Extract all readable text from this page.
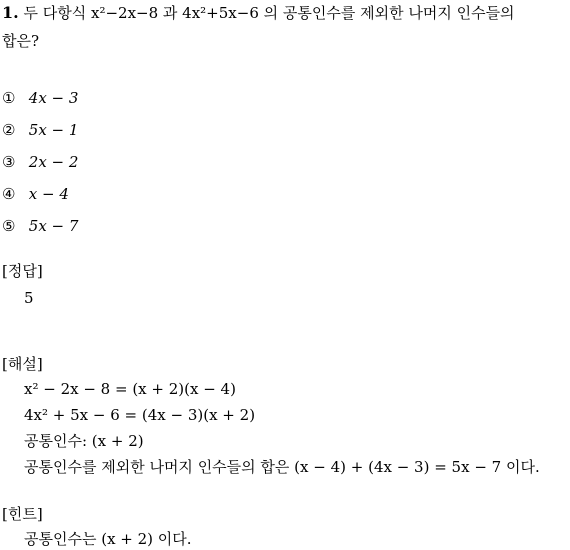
1. 두 다항식 x²−2x−8 과 4x²+5x−6 의 공통인수를 제외한 나머지 인수들의
합은?
① 4x − 3
② 5x − 1
③ 2x − 2
④ x − 4
⑤ 5x − 7
[정답]
5
[해설]
x² − 2x − 8 = (x + 2)(x − 4)
4x² + 5x − 6 = (4x − 3)(x + 2)
공통인수: (x + 2)
공통인수를 제외한 나머지 인수들의 합은 (x − 4) + (4x − 3) = 5x − 7 이다.
[힌트]
공통인수는 (x + 2) 이다.
